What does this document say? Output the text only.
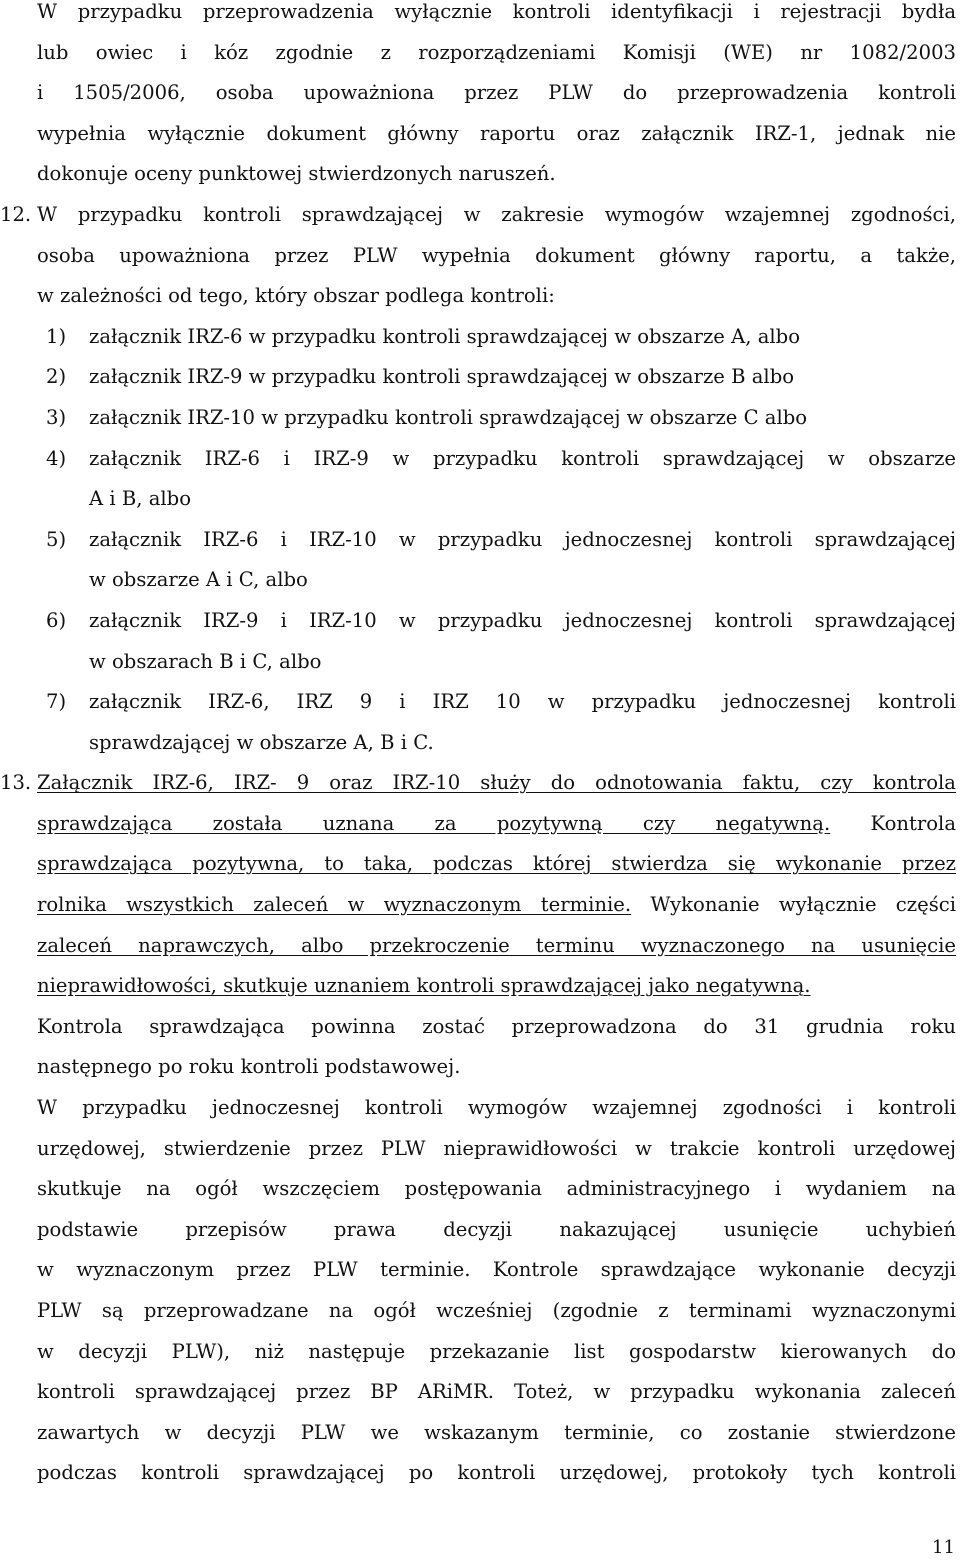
W przypadku przeprowadzenia wyłącznie kontroli identyfikacji i rejestracji bydła
lub owiec i kóz zgodnie z rozporządzeniami Komisji (WE) nr 1082/2003
i 1505/2006, osoba upoważniona przez PLW do przeprowadzenia kontroli
wypełnia wyłącznie dokument główny raportu oraz załącznik IRZ-1, jednak nie
dokonuje oceny punktowej stwierdzonych naruszeń.
12. W przypadku kontroli sprawdzającej w zakresie wymogów wzajemnej zgodności,
osoba upoważniona przez PLW wypełnia dokument główny raportu, a także,
w zależności od tego, który obszar podlega kontroli:
1) załącznik IRZ-6 w przypadku kontroli sprawdzającej w obszarze A, albo
2) załącznik IRZ-9 w przypadku kontroli sprawdzającej w obszarze B albo
3) załącznik IRZ-10 w przypadku kontroli sprawdzającej w obszarze C albo
4)	załącznik IRZ-6 i IRZ-9 w przypadku kontroli sprawdzającej w obszarze
A i B, albo
5)	załącznik IRZ-6 i IRZ-10 w przypadku jednoczesnej kontroli sprawdzającej
w obszarze A i C, albo
6)	załącznik IRZ-9 i IRZ-10 w przypadku jednoczesnej kontroli sprawdzającej
w obszarach B i C, albo
7)	załącznik IRZ-6, IRZ 9 i IRZ 10 w przypadku jednoczesnej kontroli
sprawdzającej w obszarze A, B i C.
13. Załącznik IRZ-6, IRZ- 9 oraz IRZ-10 służy do odnotowania faktu, czy kontrola
sprawdzająca została uznana za pozytywną czy negatywną. Kontrola
sprawdzająca pozytywna, to taka, podczas której stwierdza się wykonanie przez
rolnika wszystkich zaleceń w wyznaczonym terminie. Wykonanie wyłącznie części
zaleceń naprawczych, albo przekroczenie terminu wyznaczonego na usunięcie
nieprawidłowości, skutkuje uznaniem kontroli sprawdzającej jako negatywną.
Kontrola sprawdzająca powinna zostać przeprowadzona do 31 grudnia roku
następnego po roku kontroli podstawowej.
W przypadku jednoczesnej kontroli wymogów wzajemnej zgodności i kontroli
urzędowej, stwierdzenie przez PLW nieprawidłowości w trakcie kontroli urzędowej
skutkuje na ogół wszczęciem postępowania administracyjnego i wydaniem na
podstawie przepisów prawa decyzji nakazującej usunięcie uchybień
w wyznaczonym przez PLW terminie. Kontrole sprawdzające wykonanie decyzji
PLW są przeprowadzane na ogół wcześniej (zgodnie z terminami wyznaczonymi
w decyzji PLW), niż następuje przekazanie list gospodarstw kierowanych do
kontroli sprawdzającej przez BP ARiMR. Toteż, w przypadku wykonania zaleceń
zawartych w decyzji PLW we wskazanym terminie, co zostanie stwierdzone
podczas kontroli sprawdzającej po kontroli urzędowej, protokoły tych kontroli
11
